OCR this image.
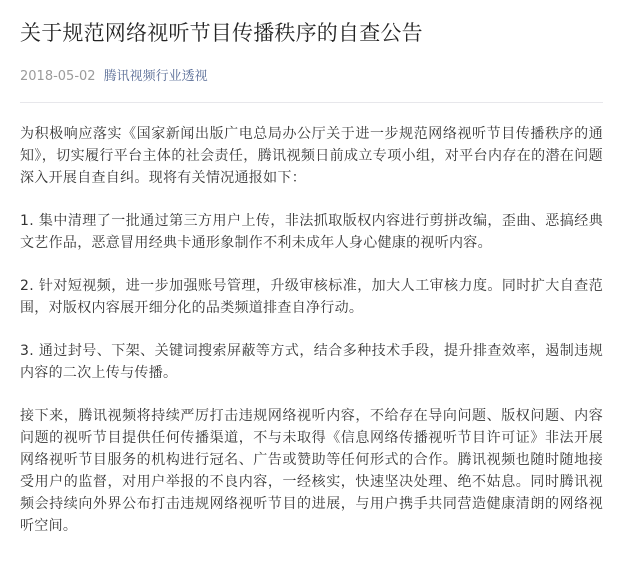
关于规范网络视听节目传播秩序的自查公告
2018-05-02 腾讯视频行业透视

为积极响应落实《国家新闻出版广电总局办公厅关于进一步规范网络视听节目传播秩序的通知》，切实履行平台主体的社会责任，腾讯视频日前成立专项小组，对平台内存在的潜在问题深入开展自查自纠。现将有关情况通报如下：

1. 集中清理了一批通过第三方用户上传，非法抓取版权内容进行剪拼改编，歪曲、恶搞经典文艺作品，恶意冒用经典卡通形象制作不利未成年人身心健康的视听内容。

2. 针对短视频，进一步加强账号管理，升级审核标准，加大人工审核力度。同时扩大自查范围，对版权内容展开细分化的品类频道排查自净行动。

3. 通过封号、下架、关键词搜索屏蔽等方式，结合多种技术手段，提升排查效率，遏制违规内容的二次上传与传播。

接下来，腾讯视频将持续严厉打击违规网络视听内容，不给存在导向问题、版权问题、内容问题的视听节目提供任何传播渠道，不与未取得《信息网络传播视听节目许可证》非法开展网络视听节目服务的机构进行冠名、广告或赞助等任何形式的合作。腾讯视频也随时随地接受用户的监督，对用户举报的不良内容，一经核实，快速坚决处理、绝不姑息。同时腾讯视频会持续向外界公布打击违规网络视听节目的进展，与用户携手共同营造健康清朗的网络视听空间。
